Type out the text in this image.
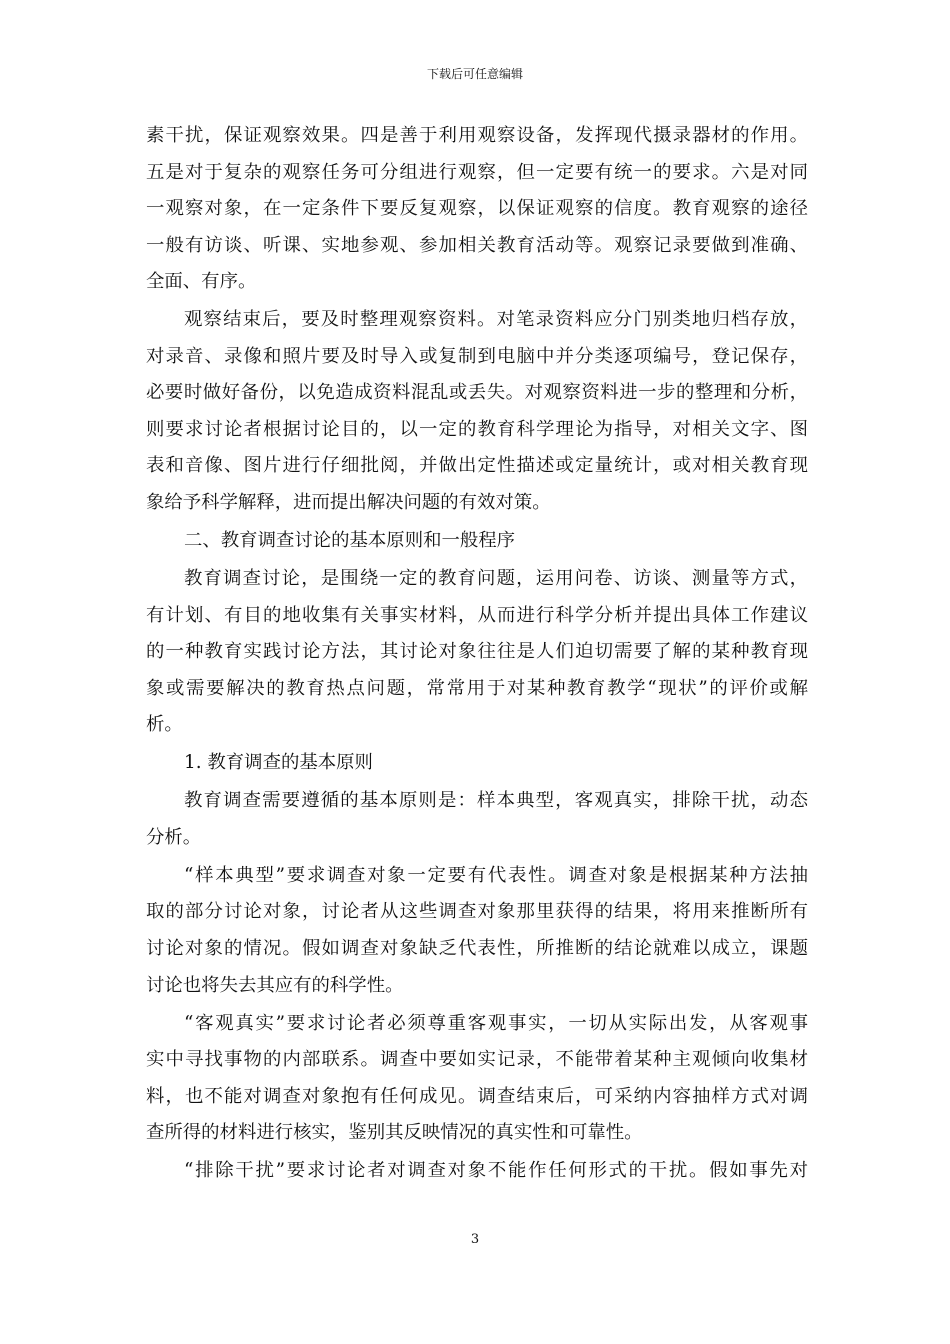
下载后可任意编辑
素干扰，保证观察效果。四是善于利用观察设备，发挥现代摄录器材的作用。
五是对于复杂的观察任务可分组进行观察，但一定要有统一的要求。六是对同
一观察对象，在一定条件下要反复观察，以保证观察的信度。教育观察的途径
一般有访谈、听课、实地参观、参加相关教育活动等。观察记录要做到准确、
全面、有序。
观察结束后，要及时整理观察资料。对笔录资料应分门别类地归档存放，
对录音、录像和照片要及时导入或复制到电脑中并分类逐项编号，登记保存，
必要时做好备份，以免造成资料混乱或丢失。对观察资料进一步的整理和分析，
则要求讨论者根据讨论目的，以一定的教育科学理论为指导，对相关文字、图
表和音像、图片进行仔细批阅，并做出定性描述或定量统计，或对相关教育现
象给予科学解释，进而提出解决问题的有效对策。
二、教育调查讨论的基本原则和一般程序
教育调查讨论，是围绕一定的教育问题，运用问卷、访谈、测量等方式，
有计划、有目的地收集有关事实材料，从而进行科学分析并提出具体工作建议
的一种教育实践讨论方法，其讨论对象往往是人们迫切需要了解的某种教育现
象或需要解决的教育热点问题，常常用于对某种教育教学“现状”的评价或解
析。
1. 教育调查的基本原则
教育调查需要遵循的基本原则是：样本典型，客观真实，排除干扰，动态
分析。
“样本典型”要求调查对象一定要有代表性。调查对象是根据某种方法抽
取的部分讨论对象，讨论者从这些调查对象那里获得的结果，将用来推断所有
讨论对象的情况。假如调查对象缺乏代表性，所推断的结论就难以成立，课题
讨论也将失去其应有的科学性。
“客观真实”要求讨论者必须尊重客观事实，一切从实际出发，从客观事
实中寻找事物的内部联系。调查中要如实记录，不能带着某种主观倾向收集材
料，也不能对调查对象抱有任何成见。调查结束后，可采纳内容抽样方式对调
查所得的材料进行核实，鉴别其反映情况的真实性和可靠性。
“排除干扰”要求讨论者对调查对象不能作任何形式的干扰。假如事先对
3
